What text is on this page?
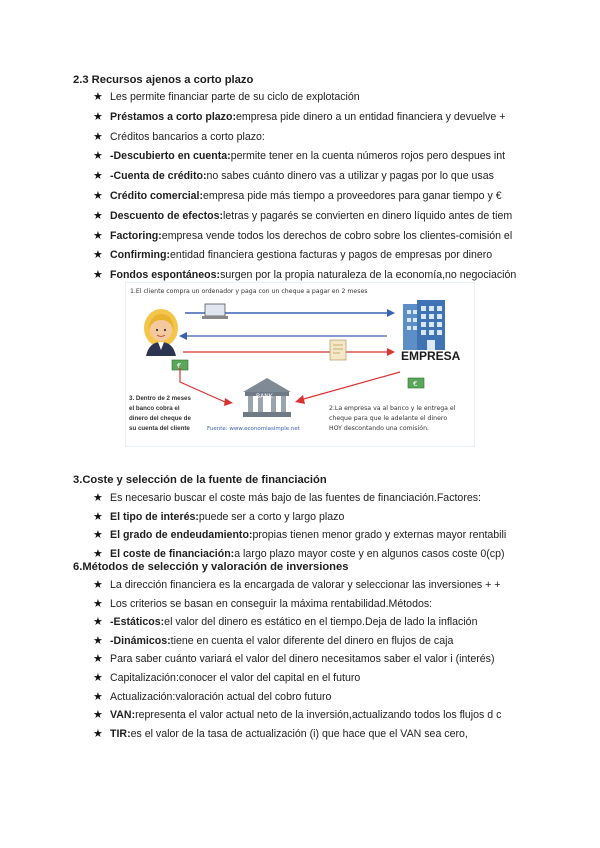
2.3 Recursos ajenos a corto plazo
★ Les permite financiar parte de su ciclo de explotación
★ Préstamos a corto plazo:empresa pide dinero a un entidad financiera y devuelve +
★ Créditos bancarios a corto plazo:
★ -Descubierto en cuenta:permite tener en la cuenta números rojos pero despues int
★ -Cuenta de crédito:no sabes cuánto dinero vas a utilizar y pagas por lo que usas
★ Crédito comercial:empresa pide más tiempo a proveedores para ganar tiempo y €
★ Descuento de efectos:letras y pagarés se convierten en dinero líquido antes de tiem
★ Factoring:empresa vende todos los derechos de cobro sobre los clientes-comisión el
★ Confirming:entidad financiera gestiona facturas y pagos de empresas por dinero
★ Fondos espontáneos:surgen por la propia naturaleza de la economía,no negociación
1.El cliente compra un ordenador y paga con un cheque a pagar en 2 meses
EMPRESA
€
€
BANK
3. Dentro de 2 meses el banco cobra el dinero del cheque de su cuenta del cliente
2.La empresa va al banco y le entrega el cheque para que le adelante el dinero HOY descontando una comisión.
Fuente: www.economiasimple.net
3.Coste y selección de la fuente de financiación
★ Es necesario buscar el coste más bajo de las fuentes de financiación.Factores:
★ El tipo de interés:puede ser a corto y largo plazo
★ El grado de endeudamiento:propias tienen menor grado y externas mayor rentabili
★ El coste de financiación:a largo plazo mayor coste y en algunos casos coste 0(cp)
6.Métodos de selección y valoración de inversiones
★ La dirección financiera es la encargada de valorar y seleccionar las inversiones + +
★ Los criterios se basan en conseguir la máxima rentabilidad.Métodos:
★ -Estáticos:el valor del dinero es estático en el tiempo.Deja de lado la inflación
★ -Dinámicos:tiene en cuenta el valor diferente del dinero en flujos de caja
★ Para saber cuánto variará el valor del dinero necesitamos saber el valor i (interés)
★ Capitalización:conocer el valor del capital en el futuro
★ Actualización:valoración actual del cobro futuro
★ VAN:representa el valor actual neto de la inversión,actualizando todos los flujos d c
★ TIR:es el valor de la tasa de actualización (i) que hace que el VAN sea cero,
